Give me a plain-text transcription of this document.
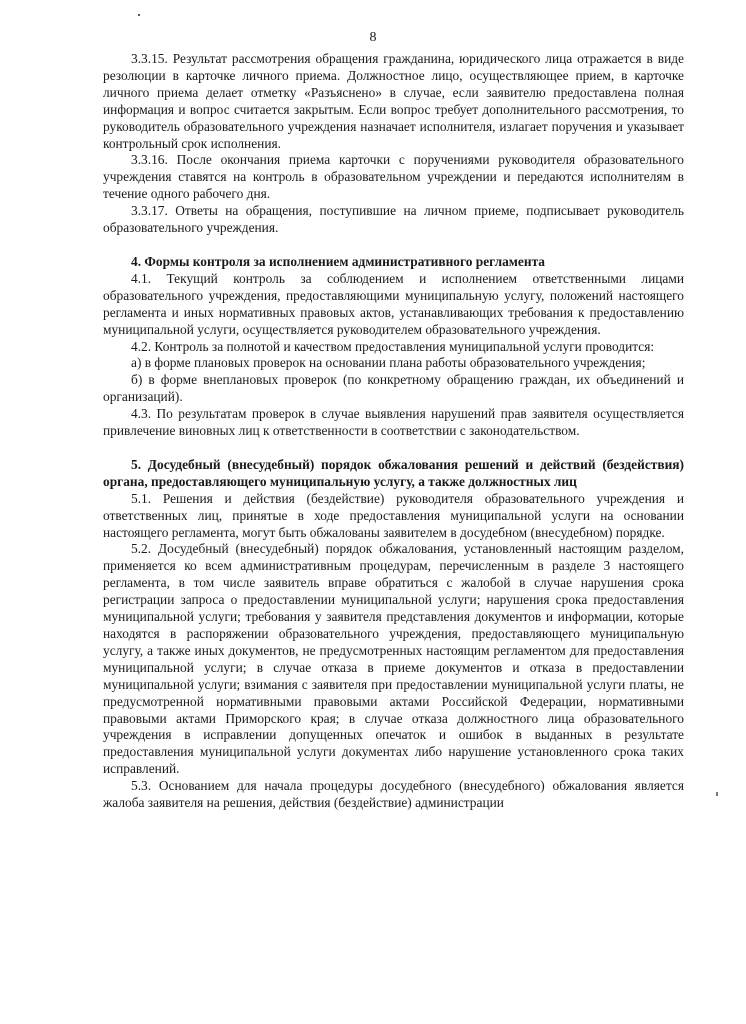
8

3.3.15. Результат рассмотрения обращения гражданина, юридического лица отражается в виде резолюции в карточке личного приема. Должностное лицо, осуществляющее прием, в карточке личного приема делает отметку «Разъяснено» в случае, если заявителю предоставлена полная информация и вопрос считается закрытым. Если вопрос требует дополнительного рассмотрения, то руководитель образовательного учреждения назначает исполнителя, излагает поручения и указывает контрольный срок исполнения.

3.3.16. После окончания приема карточки с поручениями руководителя образовательного учреждения ставятся на контроль в образовательном учреждении и передаются исполнителям в течение одного рабочего дня.

3.3.17. Ответы на обращения, поступившие на личном приеме, подписывает руководитель образовательного учреждения.

4. Формы контроля за исполнением административного регламента

4.1. Текущий контроль за соблюдением и исполнением ответственными лицами образовательного учреждения, предоставляющими муниципальную услугу, положений настоящего регламента и иных нормативных правовых актов, устанавливающих требования к предоставлению муниципальной услуги, осуществляется руководителем образовательного учреждения.

4.2. Контроль за полнотой и качеством предоставления муниципальной услуги проводится:

а) в форме плановых проверок на основании плана работы образовательного учреждения;

б) в форме внеплановых проверок (по конкретному обращению граждан, их объединений и организаций).

4.3. По результатам проверок в случае выявления нарушений прав заявителя осуществляется привлечение виновных лиц к ответственности в соответствии с законодательством.

5. Досудебный (внесудебный) порядок обжалования решений и действий (бездействия) органа, предоставляющего муниципальную услугу, а также должностных лиц

5.1. Решения и действия (бездействие) руководителя образовательного учреждения и ответственных лиц, принятые в ходе предоставления муниципальной услуги на основании настоящего регламента, могут быть обжалованы заявителем в досудебном (внесудебном) порядке.

5.2. Досудебный (внесудебный) порядок обжалования, установленный настоящим разделом, применяется ко всем административным процедурам, перечисленным в разделе 3 настоящего регламента, в том числе заявитель вправе обратиться с жалобой в случае нарушения срока регистрации запроса о предоставлении муниципальной услуги; нарушения срока предоставления муниципальной услуги; требования у заявителя представления документов и информации, которые находятся в распоряжении образовательного учреждения, предоставляющего муниципальную услугу, а также иных документов, не предусмотренных настоящим регламентом для предоставления муниципальной услуги; в случае отказа в приеме документов и отказа в предоставлении муниципальной услуги; взимания с заявителя при предоставлении муниципальной услуги платы, не предусмотренной нормативными правовыми актами Российской Федерации, нормативными правовыми актами Приморского края; в случае отказа должностного лица образовательного учреждения в исправлении допущенных опечаток и ошибок в выданных в результате предоставления муниципальной услуги документах либо нарушение установленного срока таких исправлений.

5.3. Основанием для начала процедуры досудебного (внесудебного) обжалования является жалоба заявителя на решения, действия (бездействие) администрации
